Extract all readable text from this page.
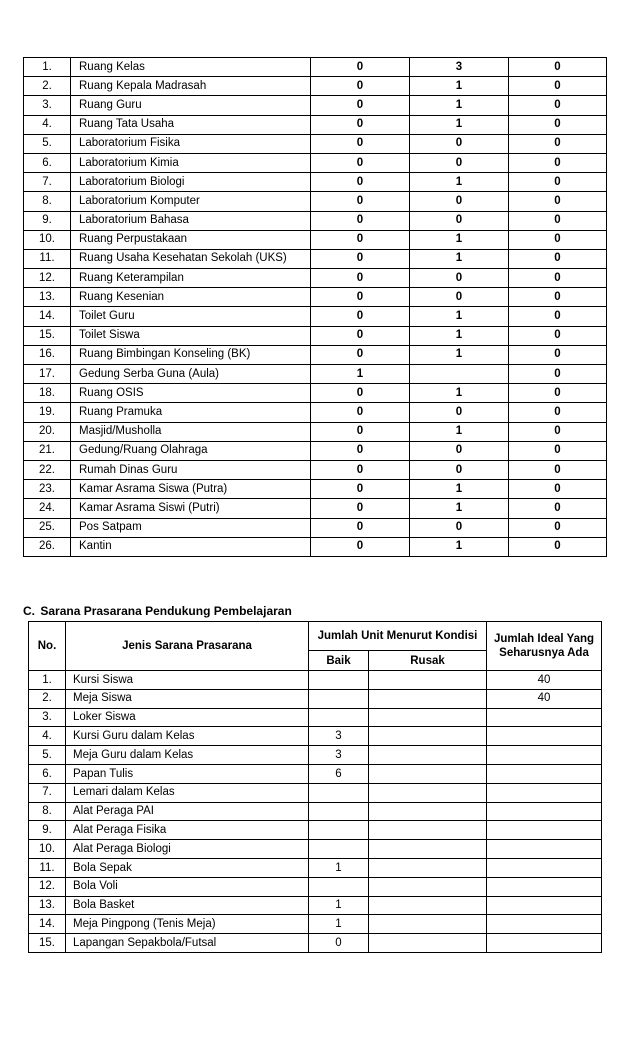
1.	Ruang Kelas	0	3	0
2.	Ruang Kepala Madrasah	0	1	0
3.	Ruang Guru	0	1	0
4.	Ruang Tata Usaha	0	1	0
5.	Laboratorium Fisika	0	0	0
6.	Laboratorium Kimia	0	0	0
7.	Laboratorium Biologi	0	1	0
8.	Laboratorium Komputer	0	0	0
9.	Laboratorium Bahasa	0	0	0
10.	Ruang Perpustakaan	0	1	0
11.	Ruang Usaha Kesehatan Sekolah (UKS)	0	1	0
12.	Ruang Keterampilan	0	0	0
13.	Ruang Kesenian	0	0	0
14.	Toilet Guru	0	1	0
15.	Toilet Siswa	0	1	0
16.	Ruang Bimbingan Konseling (BK)	0	1	0
17.	Gedung Serba Guna (Aula)	1		0
18.	Ruang OSIS	0	1	0
19.	Ruang Pramuka	0	0	0
20.	Masjid/Musholla	0	1	0
21.	Gedung/Ruang Olahraga	0	0	0
22.	Rumah Dinas Guru	0	0	0
23.	Kamar Asrama Siswa (Putra)	0	1	0
24.	Kamar Asrama Siswi (Putri)	0	1	0
25.	Pos Satpam	0	0	0
26.	Kantin	0	1	0
C. Sarana Prasarana Pendukung Pembelajaran
No.	Jenis Sarana Prasarana	Jumlah Unit Menurut Kondisi		Jumlah Ideal Yang Seharusnya Ada
		Baik	Rusak	
1.	Kursi Siswa			40
2.	Meja Siswa			40
3.	Loker Siswa			
4.	Kursi Guru dalam Kelas	3		
5.	Meja Guru dalam Kelas	3		
6.	Papan Tulis	6		
7.	Lemari dalam Kelas			
8.	Alat Peraga PAI			
9.	Alat Peraga Fisika			
10.	Alat Peraga Biologi			
11.	Bola Sepak	1		
12.	Bola Voli			
13.	Bola Basket	1		
14.	Meja Pingpong (Tenis Meja)	1		
15.	Lapangan Sepakbola/Futsal	0		
